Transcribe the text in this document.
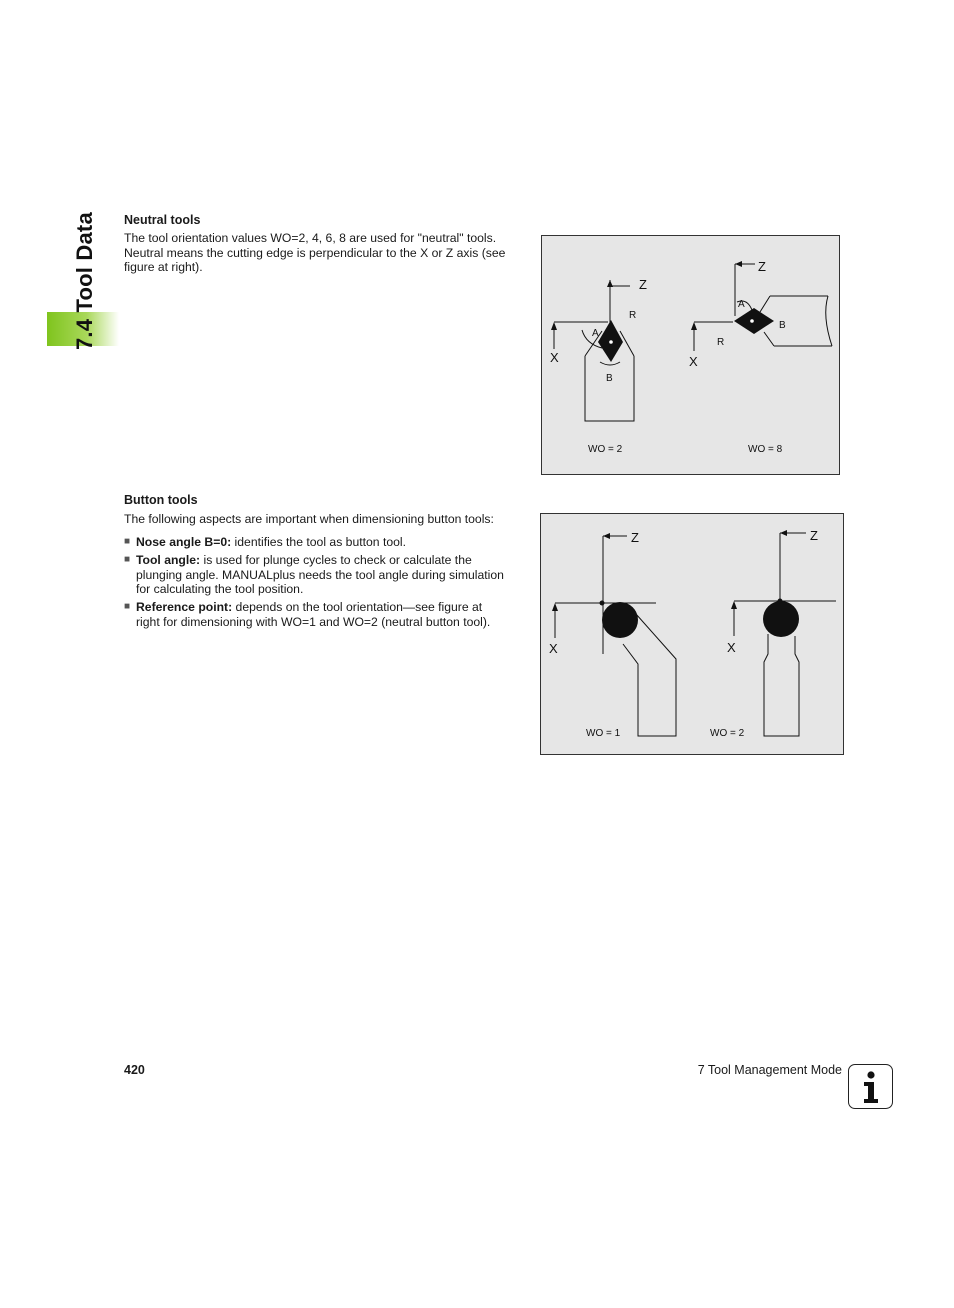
7.4 Tool Data Neutral tools
The tool orientation values WO=2, 4, 6, 8 are used for "neutral" tools.
Neutral means the cutting edge is perpendicular to the X or Z axis (see
figure at right).
Z
X
Z
X
A
B
R
A
B
R
WO = 2	WO = 8
Button tools
The following aspects are important when dimensioning button tools:
■ Nose angle B=0: identifies the tool as button tool.
■ Tool angle: is used for plunge cycles to check or calculate the
plunging angle. MANUALplus needs the tool angle during simulation
for calculating the tool position.
■ Reference point: depends on the tool orientation—see figure at
right for dimensioning with WO=1 and WO=2 (neutral button tool).
Z
X
Z
X
WO = 1	WO = 2
420	7 Tool Management Mode
